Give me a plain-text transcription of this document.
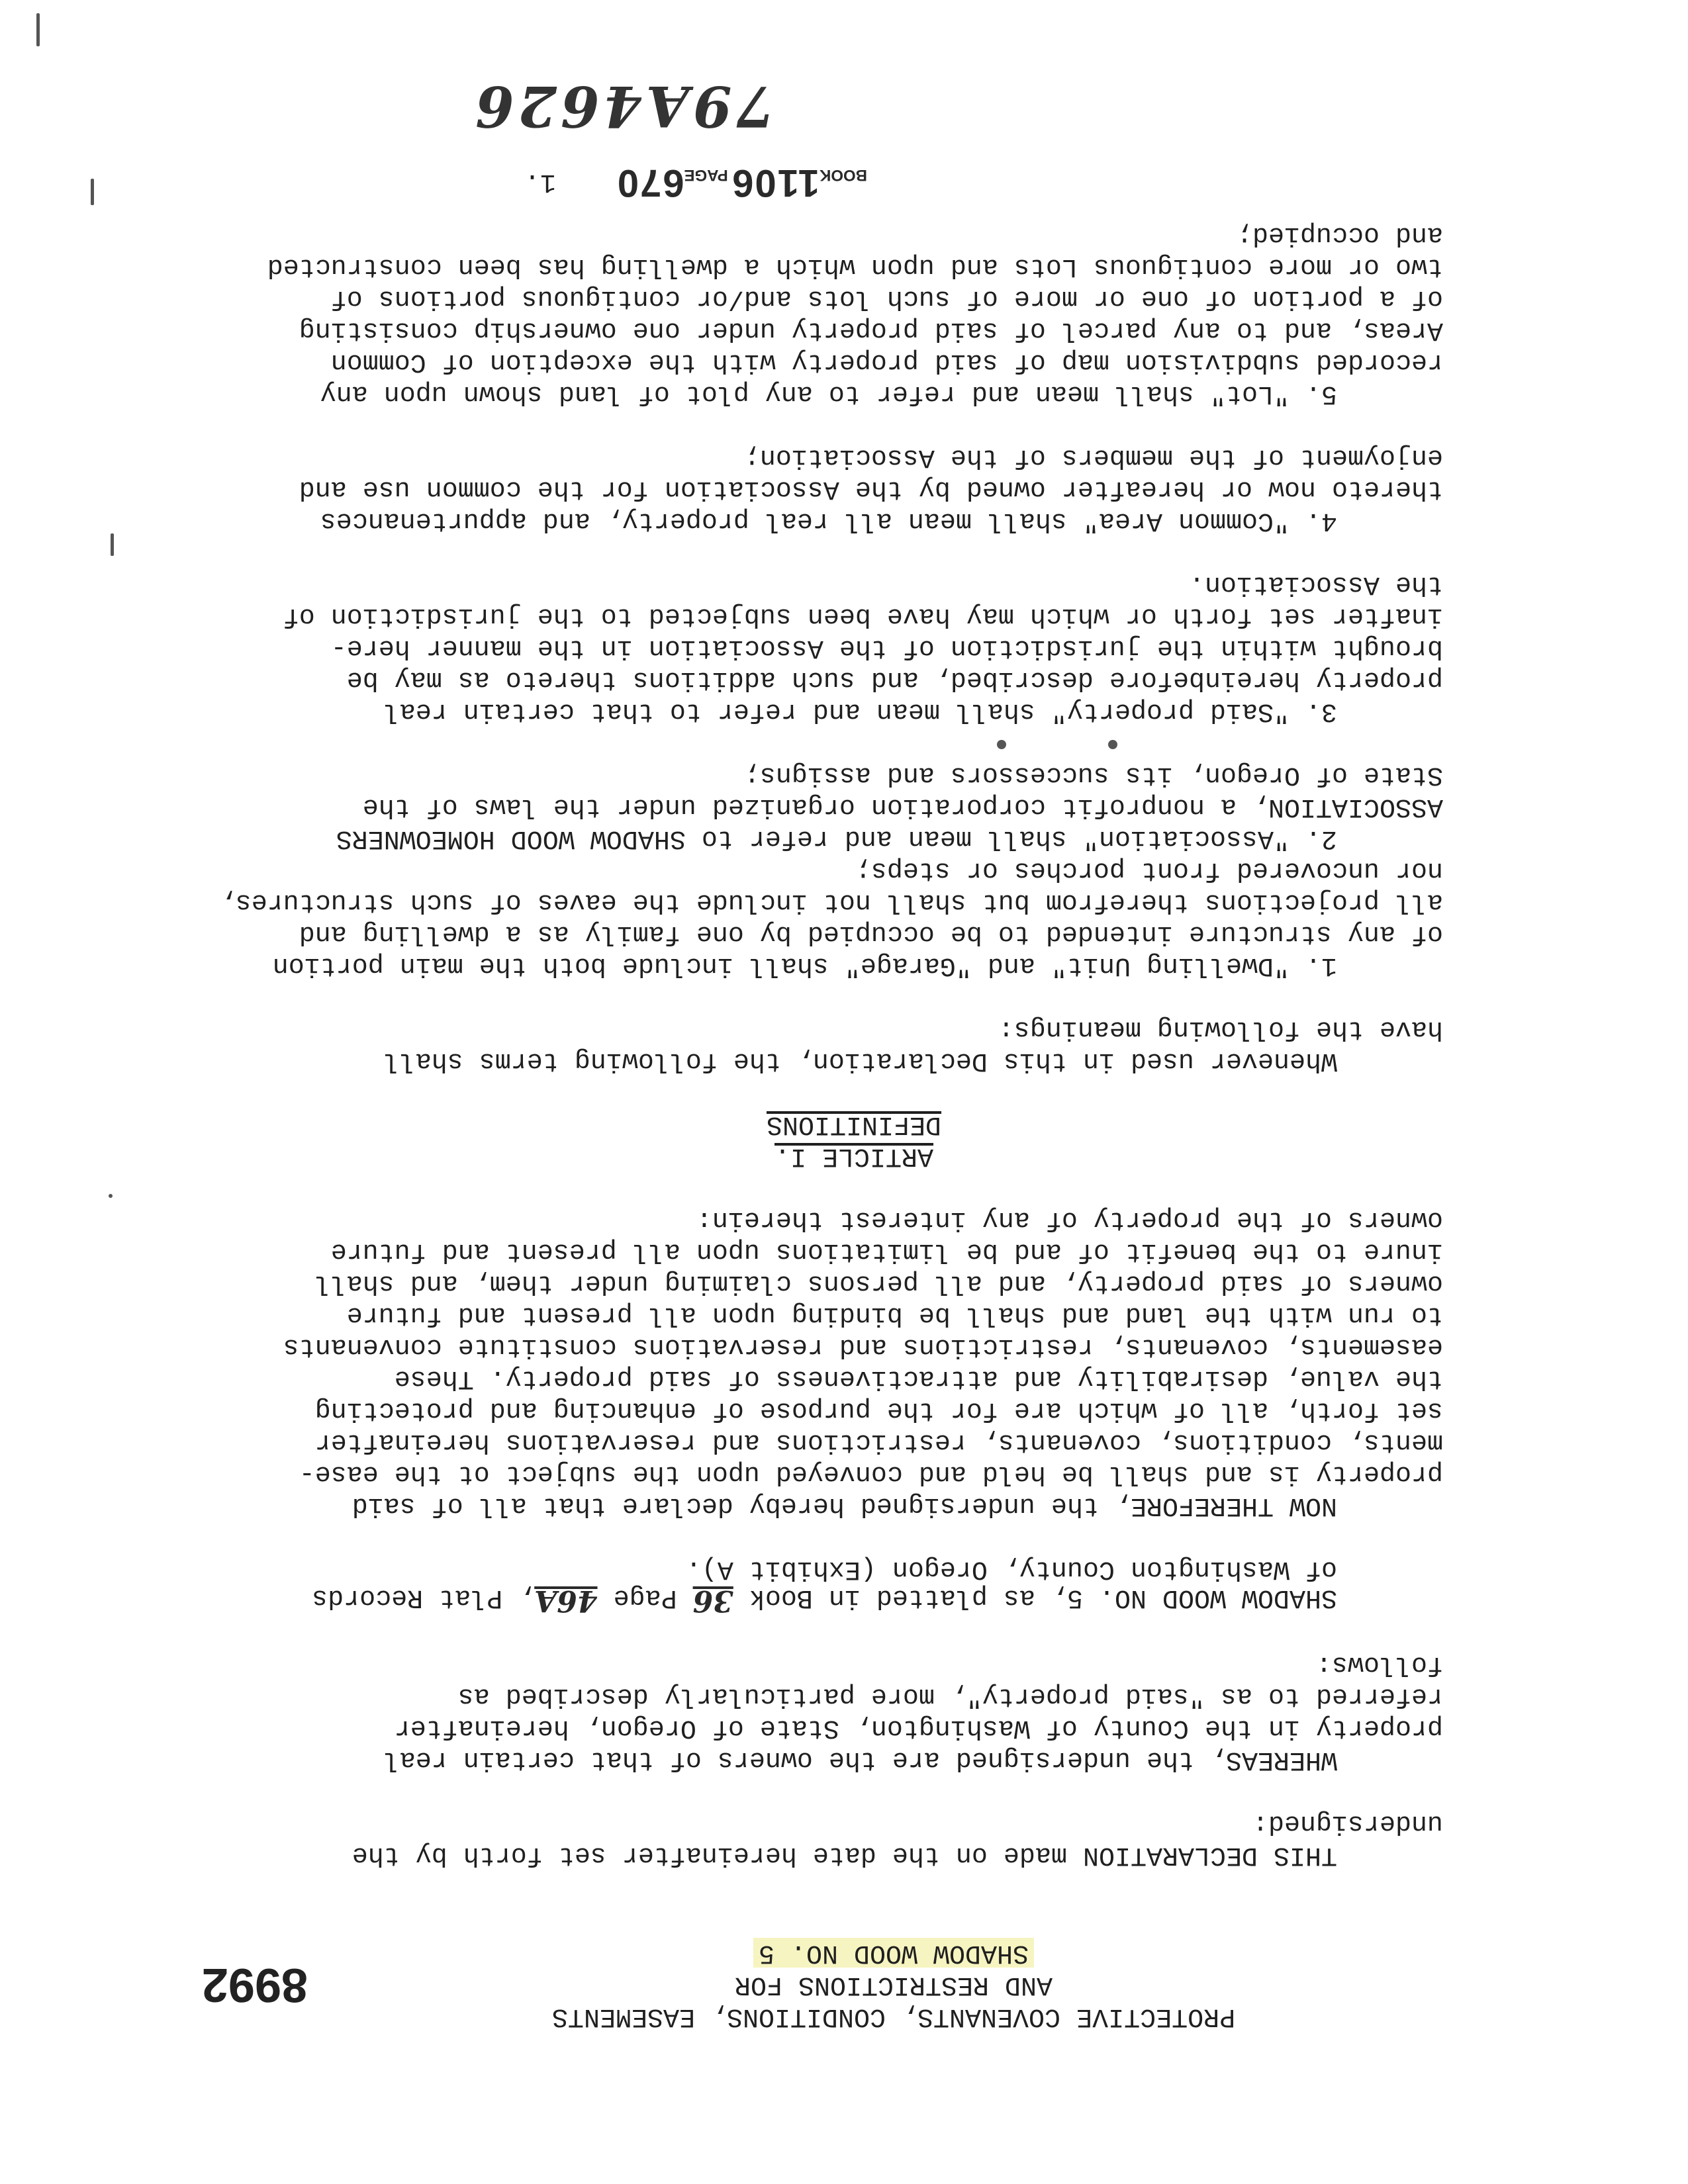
PROTECTIVE COVENANTS, CONDITIONS, EASEMENTS
AND RESTRICTIONS FOR
SHADOW WOOD NO. 5
8992
THIS DECLARATION made on the date hereinafter set forth by the
undersigned:
WHEREAS, the undersigned are the owners of that certain real
property in the County of Washington, State of Oregon, hereinafter
referred to as "said property", more particularly described as
follows:
SHADOW WOOD NO. 5, as platted in Book 36 Page 46A, Plat Records
of Washington County, Oregon (Exhibit A).
NOW THEREFORE, the undersigned hereby declare that all of said
property is and shall be held and conveyed upon the subject ot the ease-
ments, conditions, covenants, restrictions and reservations hereinafter
set forth, all of which are for the purpose of enhancing and protecting
the value, desirability and attractiveness of said property. These
easements, covenants, restrictions and reservations constitute convenants
to run with the land and shall be binding upon all present and future
owners of said property, and all persons claiming under them, and shall
inure to the benefit of and be limitations upon all present and future
owners of the property of any interest therein:
ARTICLE I.
DEFINITIONS
Whenever used in this Declaration, the following terms shall
have the following meanings:
1. "Dwelling Unit" and "Garage" shall include both the main portion
of any structure intended to be occupied by one family as a dwelling and
all projections therefrom but shall not include the eaves of such structures,
nor uncovered front porches or steps;
2. "Association" shall mean and refer to SHADOW WOOD HOMEOWNERS
ASSOCIATION, a nonprofit corporation organized under the laws of the
State of Oregon, its successors and assigns;
3. "Said property" shall mean and refer to that certain real
property hereinbefore described, and such additions thereto as may be
brought within the jurisdiction of the Association in the manner here-
inafter set forth or which may have been subjected to the jurisdiction of
the Association.
4. "Common Area" shall mean all real property, and appurtenances
thereto now or hereafter owned by the Association for the common use and
enjoyment of the members of the Association;
5. "Lot" shall mean and refer to any plot of land shown upon any
recorded subdivision map of said property with the exception of Common
Areas, and to any parcel of said property under one ownership consisting
of a portion of one or more of such lots and/or contiguous portions of
two or more contiguous Lots and upon which a dwelling has been constructed
and occupied;
1.	BOOK1106 PAGE670
79A4626
